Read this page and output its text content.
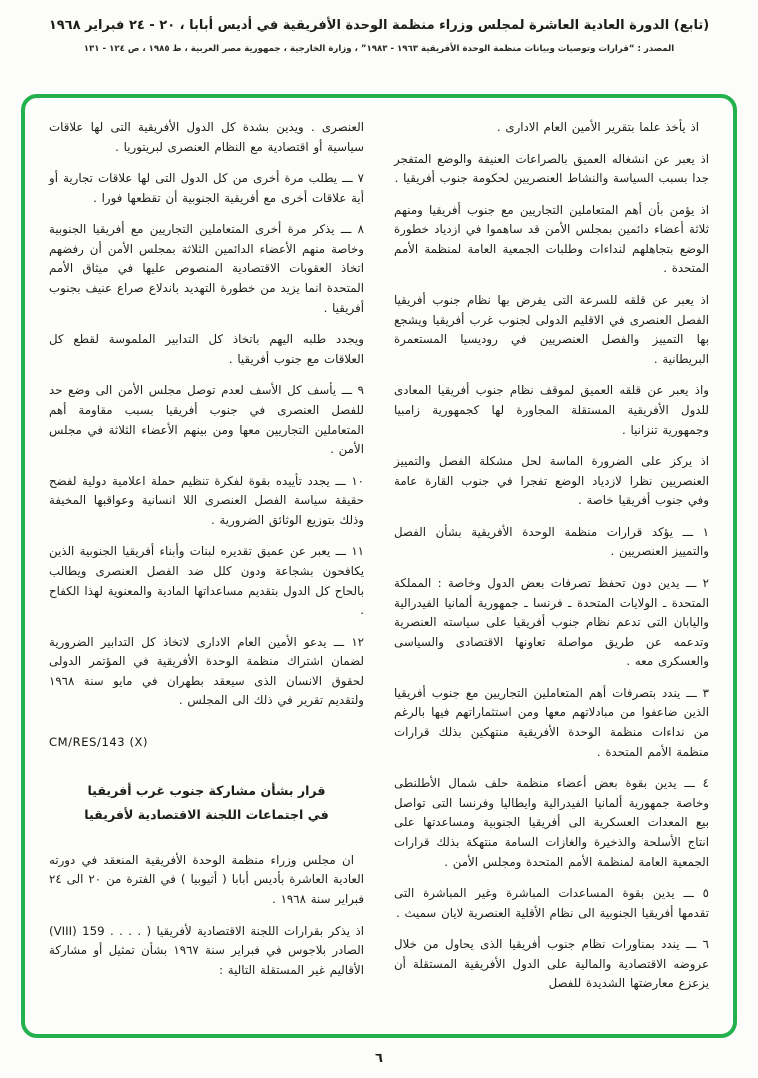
(تابع) الدورة العادية العاشرة لمجلس وزراء منظمة الوحدة الأفريقية في أديس أبابا ، ٢٠ - ٢٤ فبراير ١٩٦٨
المصدر : “قرارات وتوصيات وبيانات منظمة الوحدة الأفريقية ١٩٦٣ - ١٩٨٣” ، وزارة الخارجية ، جمهورية مصر العربية ، ط ١٩٨٥ ، ص ١٢٤ - ١٣١

اذ يأخذ علما بتقرير الأمين العام الادارى .

اذ يعبر عن انشغاله العميق بالصراعات العنيفة والوضع المتفجر جدا بسبب السياسة والنشاط العنصريين لحكومة جنوب أفريقيا .

اذ يؤمن بأن أهم المتعاملين التجاريين مع جنوب أفريقيا ومنهم ثلاثة أعضاء دائمين بمجلس الأمن قد ساهموا في ازدياد خطورة الوضع بتجاهلهم لنداءات وطلبات الجمعية العامة لمنظمة الأمم المتحدة .

اذ يعبر عن قلقه للسرعة التى يفرض بها نظام جنوب أفريقيا الفصل العنصرى في الاقليم الدولى لجنوب غرب أفريقيا ويشجع بها التمييز والفصل العنصريين في روديسيا المستعمرة البريطانية .

واذ يعبر عن قلقه العميق لموقف نظام جنوب أفريقيا المعادى للدول الأفريقية المستقلة المجاورة لها كجمهورية زامبيا وجمهورية تنزانيا .

اذ يركز على الضرورة الماسة لحل مشكلة الفصل والتمييز العنصريين نظرا لازدياد الوضع تفجرا في جنوب القارة عامة وفي جنوب أفريقيا خاصة .

١ ـــ يؤكد قرارات منظمة الوحدة الأفريقية بشأن الفصل والتمييز العنصريين .

٢ ـــ يدين دون تحفظ تصرفات بعض الدول وخاصة : المملكة المتحدة ـ الولايات المتحدة ـ فرنسا ـ جمهورية ألمانيا الفيدرالية واليابان التى تدعم نظام جنوب أفريقيا على سياسته العنصرية وتدعمه عن طريق مواصلة تعاونها الاقتصادى والسياسى والعسكرى معه .

٣ ـــ يندد بتصرفات أهم المتعاملين التجاريين مع جنوب أفريقيا الذين ضاعفوا من مبادلاتهم معها ومن استثماراتهم فيها بالرغم من نداءات منظمة الوحدة الأفريقية منتهكين بذلك قرارات منظمة الأمم المتحدة .

٤ ـــ يدين بقوة بعض أعضاء منظمة حلف شمال الأطلنطى وخاصة جمهورية ألمانيا الفيدرالية وايطاليا وفرنسا التى تواصل بيع المعدات العسكرية الى أفريقيا الجنوبية ومساعدتها على انتاج الأسلحة والذخيرة والغازات السامة منتهكة بذلك قرارات الجمعية العامة لمنظمة الأمم المتحدة ومجلس الأمن .

٥ ـــ يدين بقوة المساعدات المباشرة وغير المباشرة التى تقدمها أفريقيا الجنوبية الى نظام الأقلية العنصرية لايان سميث .

٦ ـــ يندد بمناورات نظام جنوب أفريقيا الذى يحاول من خلال عروضه الاقتصادية والمالية على الدول الأفريقية المستقلة أن يزعزع معارضتها الشديدة للفصل

العنصرى . ويدين بشدة كل الدول الأفريقية التى لها علاقات سياسية أو اقتصادية مع النظام العنصرى لبريتوريا .

٧ ـــ يطلب مرة أخرى من كل الدول التى لها علاقات تجارية أو أية علاقات أخرى مع أفريقية الجنوبية أن تقطعها فورا .

٨ ـــ يذكر مرة أخرى المتعاملين التجاريين مع أفريقيا الجنوبية وخاصة منهم الأعضاء الدائمين الثلاثة بمجلس الأمن أن رفضهم اتخاذ العقوبات الاقتصادية المنصوص عليها في ميثاق الأمم المتحدة انما يزيد من خطورة التهديد باندلاع صراع عنيف بجنوب أفريقيا .

ويجدد طلبه اليهم باتخاذ كل التدابير الملموسة لقطع كل العلاقات مع جنوب أفريقيا .

٩ ـــ يأسف كل الأسف لعدم توصل مجلس الأمن الى وضع حد للفصل العنصرى في جنوب أفريقيا بسبب مقاومة أهم المتعاملين التجاريين معها ومن بينهم الأعضاء الثلاثة في مجلس الأمن .

١٠ ـــ يجدد تأييده بقوة لفكرة تنظيم حملة اعلامية دولية لفضح حقيقة سياسة الفصل العنصرى اللا انسانية وعواقبها المخيفة وذلك بتوزيع الوثائق الضرورية .

١١ ـــ يعبر عن عميق تقديره لبنات وأبناء أفريقيا الجنوبية الذين يكافحون بشجاعة ودون كلل ضد الفصل العنصرى ويطالب بالحاح كل الدول بتقديم مساعداتها المادية والمعنوية لهذا الكفاح .

١٢ ـــ يدعو الأمين العام الادارى لاتخاذ كل التدابير الضرورية لضمان اشتراك منظمة الوحدة الأفريقية في المؤتمر الدولى لحقوق الانسان الذى سيعقد بطهران في مايو سنة ١٩٦٨ ولتقديم تقرير في ذلك الى المجلس .

CM/RES/143 (X)
قرار بشأن مشاركة جنوب غرب أفريقيا
في اجتماعات اللجنة الاقتصادية لأفريقيا

ان مجلس وزراء منظمة الوحدة الأفريقية المنعقد في دورته العادية العاشرة بأديس أبابا ( أثيوبيا ) في الفترة من ٢٠ الى ٢٤ فبراير سنة ١٩٦٨ .

اذ يذكر بقرارات اللجنة الاقتصادية لأفريقيا ( . . . . 159 (VIII) الصادر بلاجوس في فبراير سنة ١٩٦٧ بشأن تمثيل أو مشاركة الأقاليم غير المستقلة التالية :

٦
